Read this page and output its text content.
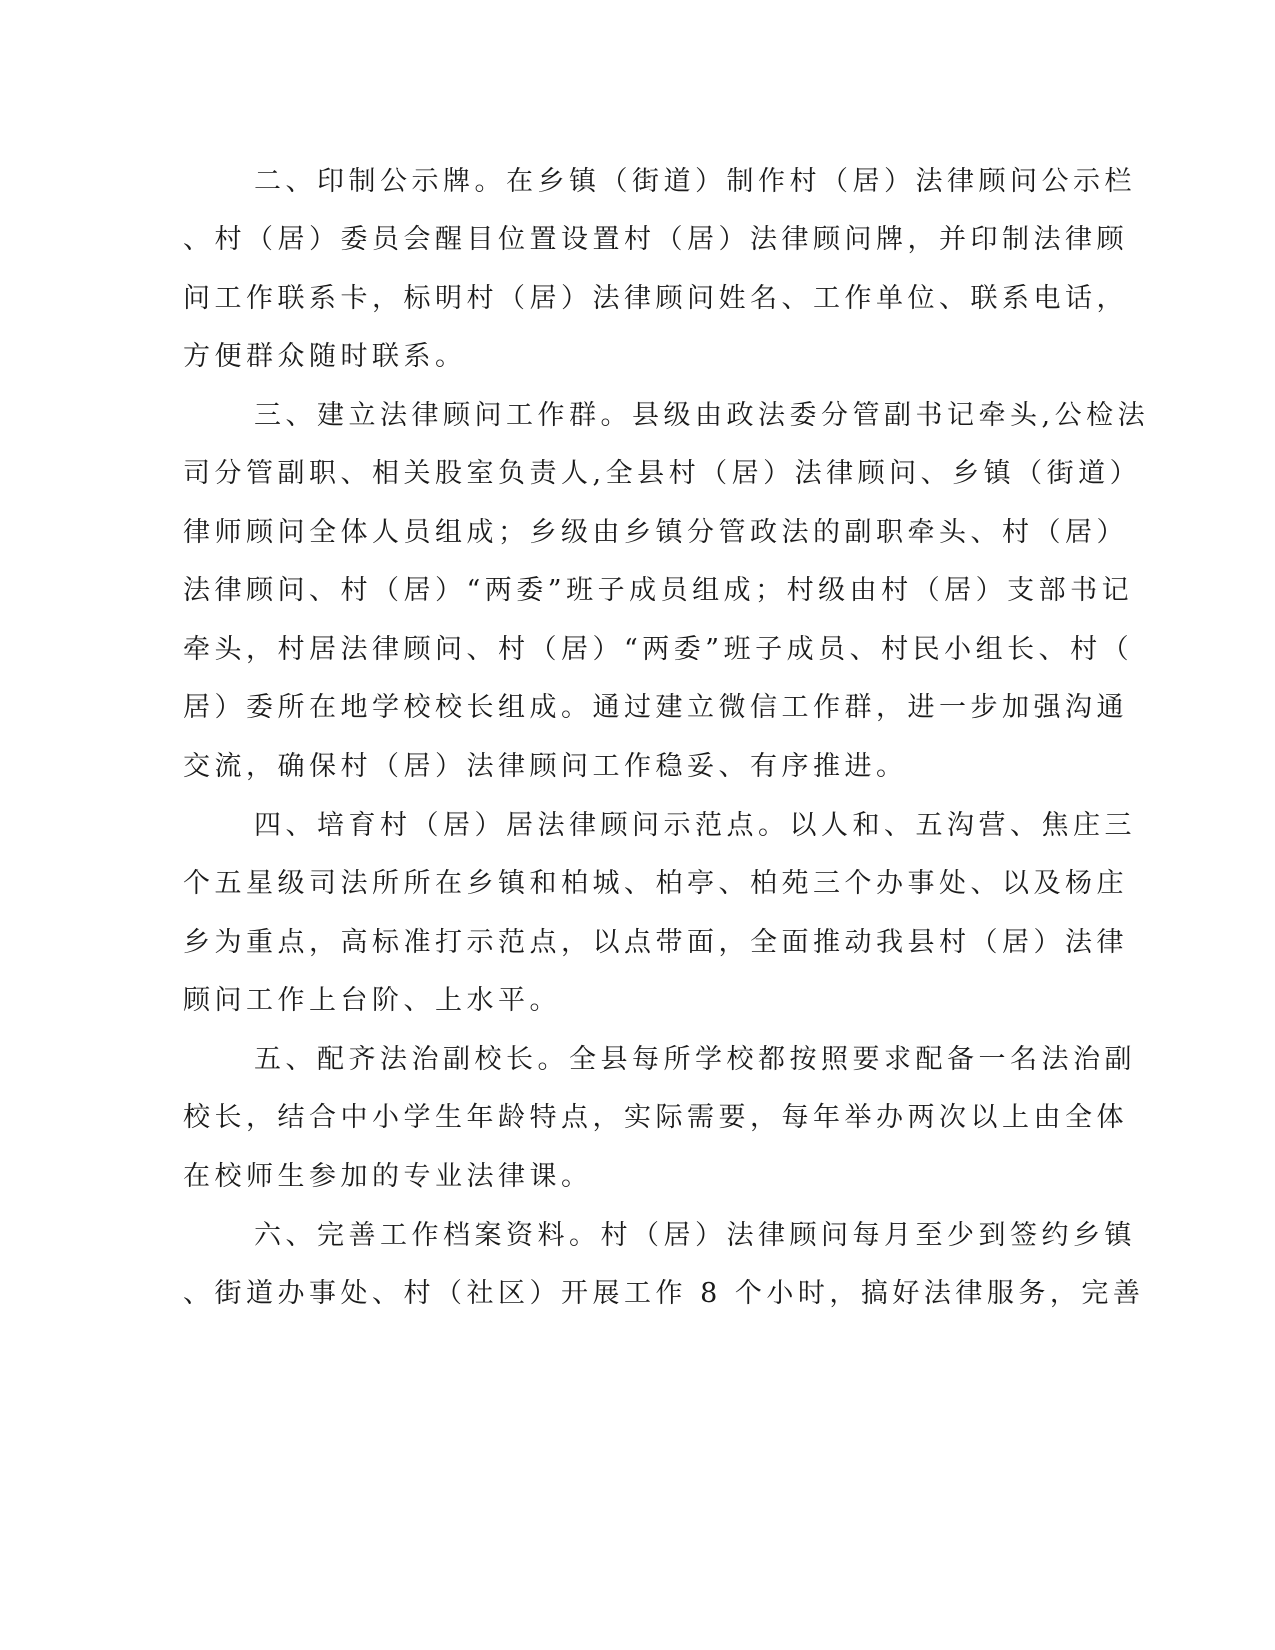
二、印制公示牌。在乡镇（街道）制作村（居）法律顾问公示栏
、村（居）委员会醒目位置设置村（居）法律顾问牌，并印制法律顾
问工作联系卡，标明村（居）法律顾问姓名、工作单位、联系电话，
方便群众随时联系。
三、建立法律顾问工作群。县级由政法委分管副书记牵头,公检法
司分管副职、相关股室负责人,全县村（居）法律顾问、乡镇（街道）
律师顾问全体人员组成；乡级由乡镇分管政法的副职牵头、村（居）
法律顾问、村（居）“两委”班子成员组成；村级由村（居）支部书记
牵头，村居法律顾问、村（居）“两委”班子成员、村民小组长、村（
居）委所在地学校校长组成。通过建立微信工作群，进一步加强沟通
交流，确保村（居）法律顾问工作稳妥、有序推进。
四、培育村（居）居法律顾问示范点。以人和、五沟营、焦庄三
个五星级司法所所在乡镇和柏城、柏亭、柏苑三个办事处、以及杨庄
乡为重点，高标准打示范点，以点带面，全面推动我县村（居）法律
顾问工作上台阶、上水平。
五、配齐法治副校长。全县每所学校都按照要求配备一名法治副
校长，结合中小学生年龄特点，实际需要，每年举办两次以上由全体
在校师生参加的专业法律课。
六、完善工作档案资料。村（居）法律顾问每月至少到签约乡镇
、街道办事处、村（社区）开展工作 8 个小时，搞好法律服务，完善
